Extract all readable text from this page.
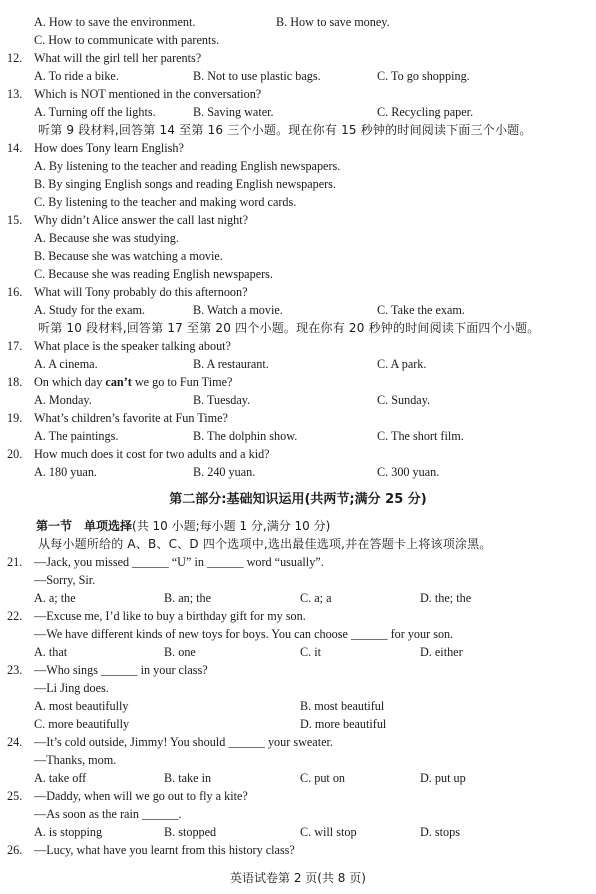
A. How to save the environment.	B. How to save money.
C. How to communicate with parents.
12. What will the girl tell her parents?
A. To ride a bike.	B. Not to use plastic bags.	C. To go shopping.
13. Which is NOT mentioned in the conversation?
A. Turning off the lights.	B. Saving water.	C. Recycling paper.
听第 9 段材料,回答第 14 至第 16 三个小题。现在你有 15 秒钟的时间阅读下面三个小题。
14. How does Tony learn English?
A. By listening to the teacher and reading English newspapers.
B. By singing English songs and reading English newspapers.
C. By listening to the teacher and making word cards.
15. Why didn’t Alice answer the call last night?
A. Because she was studying.
B. Because she was watching a movie.
C. Because she was reading English newspapers.
16. What will Tony probably do this afternoon?
A. Study for the exam.	B. Watch a movie.	C. Take the exam.
听第 10 段材料,回答第 17 至第 20 四个小题。现在你有 20 秒钟的时间阅读下面四个小题。
17. What place is the speaker talking about?
A. A cinema.	B. A restaurant.	C. A park.
18. On which day can’t we go to Fun Time?
A. Monday.	B. Tuesday.	C. Sunday.
19. What’s children’s favorite at Fun Time?
A. The paintings.	B. The dolphin show.	C. The short film.
20. How much does it cost for two adults and a kid?
A. 180 yuan.	B. 240 yuan.	C. 300 yuan.
第二部分:基础知识运用(共两节;满分 25 分)
第一节　单项选择(共 10 小题;每小题 1 分,满分 10 分)
从每小题所给的 A、B、C、D 四个选项中,选出最佳选项,并在答题卡上将该项涂黑。
21. —Jack, you missed ______ “U” in ______ word “usually”.
—Sorry, Sir.
A. a; the	B. an; the	C. a; a	D. the; the
22. —Excuse me, I’d like to buy a birthday gift for my son.
—We have different kinds of new toys for boys. You can choose ______ for your son.
A. that	B. one	C. it	D. either
23. —Who sings ______ in your class?
—Li Jing does.
A. most beautifully	B. most beautiful
C. more beautifully	D. more beautiful
24. —It’s cold outside, Jimmy! You should ______ your sweater.
—Thanks, mom.
A. take off	B. take in	C. put on	D. put up
25. —Daddy, when will we go out to fly a kite?
—As soon as the rain ______.
A. is stopping	B. stopped	C. will stop	D. stops
26. —Lucy, what have you learnt from this history class?
英语试卷第 2 页(共 8 页)
